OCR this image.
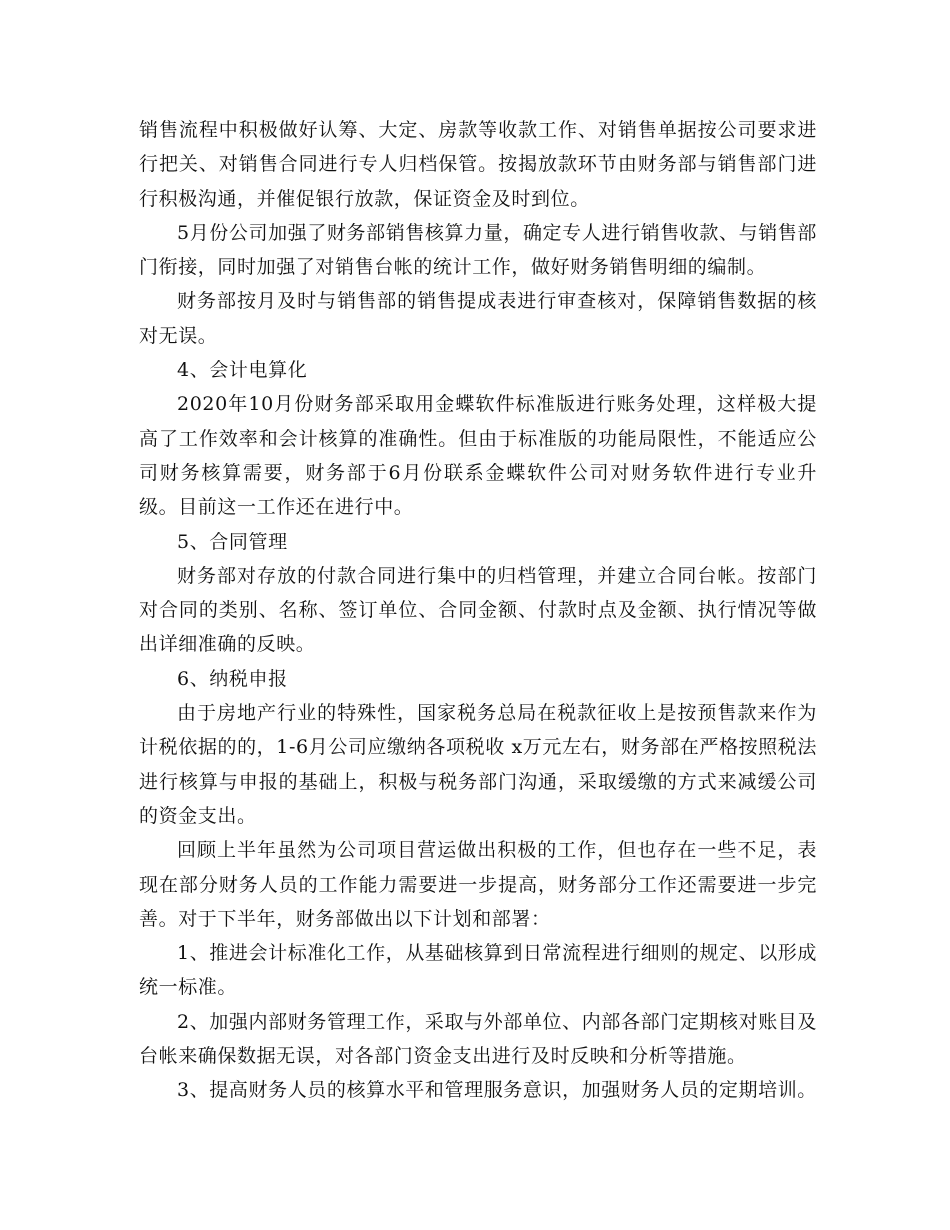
销售流程中积极做好认筹、大定、房款等收款工作、对销售单据按公司要求进行把关、对销售合同进行专人归档保管。按揭放款环节由财务部与销售部门进行积极沟通，并催促银行放款，保证资金及时到位。

5月份公司加强了财务部销售核算力量，确定专人进行销售收款、与销售部门衔接，同时加强了对销售台帐的统计工作，做好财务销售明细的编制。

财务部按月及时与销售部的销售提成表进行审查核对，保障销售数据的核对无误。

4、会计电算化

2020年10月份财务部采取用金蝶软件标准版进行账务处理，这样极大提高了工作效率和会计核算的准确性。但由于标准版的功能局限性，不能适应公司财务核算需要，财务部于6月份联系金蝶软件公司对财务软件进行专业升级。目前这一工作还在进行中。

5、合同管理

财务部对存放的付款合同进行集中的归档管理，并建立合同台帐。按部门对合同的类别、名称、签订单位、合同金额、付款时点及金额、执行情况等做出详细准确的反映。

6、纳税申报

由于房地产行业的特殊性，国家税务总局在税款征收上是按预售款来作为计税依据的的，1-6月公司应缴纳各项税收 x万元左右，财务部在严格按照税法进行核算与申报的基础上，积极与税务部门沟通，采取缓缴的方式来减缓公司的资金支出。

回顾上半年虽然为公司项目营运做出积极的工作，但也存在一些不足，表现在部分财务人员的工作能力需要进一步提高，财务部分工作还需要进一步完善。对于下半年，财务部做出以下计划和部署：

1、推进会计标准化工作，从基础核算到日常流程进行细则的规定、以形成统一标准。

2、加强内部财务管理工作，采取与外部单位、内部各部门定期核对账目及台帐来确保数据无误，对各部门资金支出进行及时反映和分析等措施。

3、提高财务人员的核算水平和管理服务意识，加强财务人员的定期培训。
